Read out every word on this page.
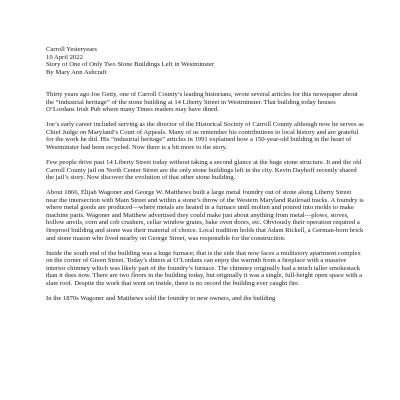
Carroll Yesteryears
10 April 2022
Story of One of Only Two Stone Buildings Left in Westminster
By Mary Ann Ashcraft

Thirty years ago Joe Getty, one of Carroll County’s leading historians, wrote several articles for this newspaper about the “industrial heritage” of the stone building at 14 Liberty Street in Westminster. That building today houses O’Lordans Irish Pub where many Times readers may have dined.

Joe’s early career included serving as the director of the Historical Society of Carroll County although now he serves as Chief Judge on Maryland’s Court of Appeals. Many of us remember his contributions to local history and are grateful for the work he did. His “industrial heritage” articles in 1991 explained how a 150-year-old building in the heart of Westminster had been recycled. Now there is a bit more to the story.

Few people drive past 14 Liberty Street today without taking a second glance at the huge stone structure. It and the old Carroll County jail on North Center Street are the only stone buildings left in the city. Kevin Dayhoff recently shared the jail’s story. Now discover the evolution of that other stone building.

About 1866, Elijah Wagoner and George W. Matthews built a large metal foundry out of stone along Liberty Street near the intersection with Main Street and within a stone’s throw of the Western Maryland Railroad tracks. A foundry is where metal goods are produced—where metals are heated in a furnace until molten and poured into molds to make machine parts. Wagoner and Matthew advertised they could make just about anything from metal—plows, stoves, hollow anvils, corn and cob crushers, cellar window grates, bake oven doors, etc. Obviously their operation required a fireproof building and stone was their material of choice. Local tradition holds that Adam Rickell, a German-born brick and stone mason who lived nearby on George Street, was responsible for the construction.

Inside the south end of the building was a huge furnace; that is the side that now faces a multistory apartment complex on the corner of Green Street. Today’s diners at O’Lordans can enjoy the warmth from a fireplace with a massive interior chimney which was likely part of the foundry’s furnace. The chimney originally had a much taller smokestack than it does now. There are two floors in the building today, but originally it was a single, full-height open space with a slate roof. Despite the work that went on inside, there is no record the building ever caught fire.

In the 1870s Wagoner and Matthews sold the foundry to new owners, and the building
